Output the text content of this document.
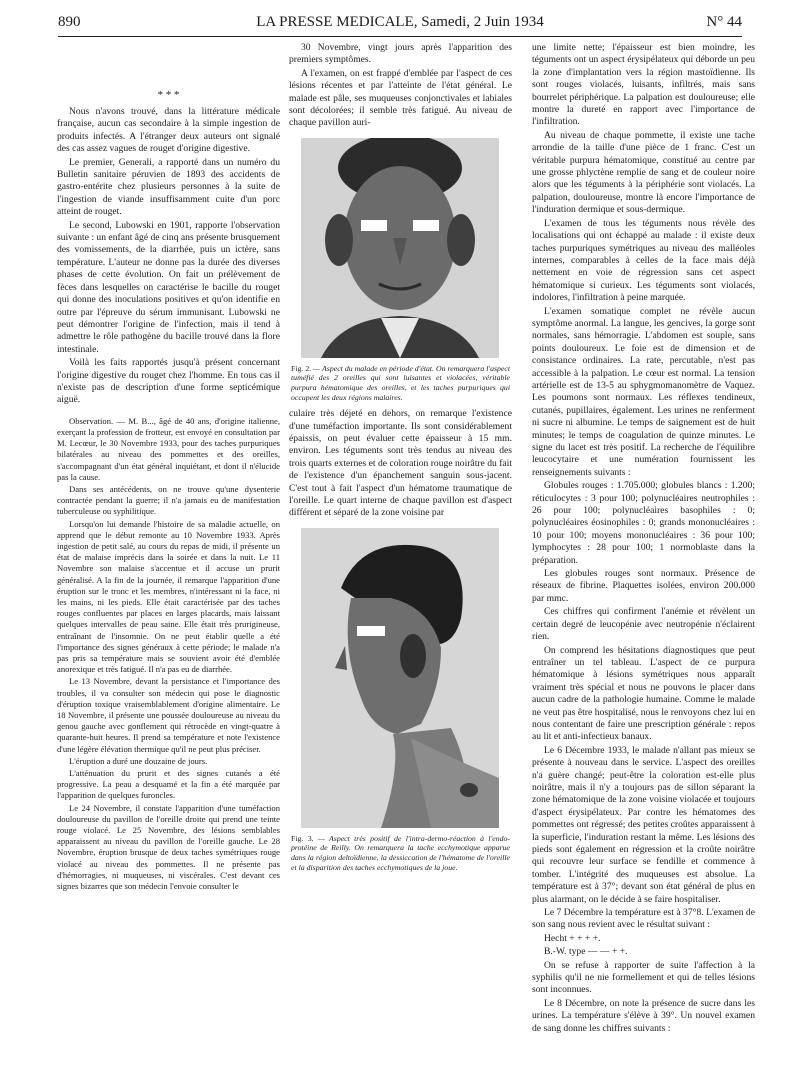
890	LA PRESSE MEDICALE, Samedi, 2 Juin 1934	N° 44
* * *

Nous n'avons trouvé, dans la littérature médicale française, aucun cas secondaire à la simple ingestion de produits infectés. A l'étranger deux auteurs ont signalé des cas assez vagues de rouget d'origine digestive.

Le premier, Generali, a rapporté dans un numéro du Bulletin sanitaire péruvien de 1893 des accidents de gastro-entérite chez plusieurs personnes à la suite de l'ingestion de viande insuffisamment cuite d'un porc atteint de rouget.

Le second, Lubowski en 1901, rapporte l'observation suivante : un enfant âgé de cinq ans présente brusquement des vomissements, de la diarrhée, puis un ictère, sans température. L'auteur ne donne pas la durée des diverses phases de cette évolution. On fait un prélèvement de fèces dans lesquelles on caractérise le bacille du rouget qui donne des inoculations positives et qu'on identifie en outre par l'épreuve du sérum immunisant. Lubowski ne peut démontrer l'origine de l'infection, mais il tend à admettre le rôle pathogène du bacille trouvé dans la flore intestinale.

Voilà les faits rapportés jusqu'à présent concernant l'origine digestive du rouget chez l'homme. En tous cas il n'existe pas de description d'une forme septicémique aiguë.

Observation. — M. B..., âgé de 40 ans, d'origine italienne, exerçant la profession de frotteur, est envoyé en consultation par M. Lecœur, le 30 Novembre 1933, pour des taches purpuriques bilatérales au niveau des pommettes et des oreilles, s'accompagnant d'un état général inquiétant, et dont il n'élucide pas la cause.

Dans ses antécédents, on ne trouve qu'une dysenterie contractée pendant la guerre; il n'a jamais eu de manifestation tuberculeuse ou syphilitique.

Lorsqu'on lui demande l'histoire de sa maladie actuelle, on apprend que le début remonte au 10 Novembre 1933. Après ingestion de petit salé, au cours du repas de midi, il présente un état de malaise imprécis dans la soirée et dans la nuit. Le 11 Novembre son malaise s'accentue et il accuse un prurit généralisé. A la fin de la journée, il remarque l'apparition d'une éruption sur le tronc et les membres, n'intéressant ni la face, ni les mains, ni les pieds. Elle était caractérisée par des taches rouges confluentes par places en larges placards, mais laissant quelques intervalles de peau saine. Elle était très prurigineuse, entraînant de l'insomnie. On ne peut établir quelle a été l'importance des signes généraux à cette période; le malade n'a pas pris sa température mais se souvient avoir été d'emblée anorexique et très fatigué. Il n'a pas eu de diarrhée.

Le 13 Novembre, devant la persistance et l'importance des troubles, il va consulter son médecin qui pose le diagnostic d'éruption toxique vraisemblablement d'origine alimentaire. Le 18 Novembre, il présente une poussée douloureuse au niveau du genou gauche avec gonflement qui rétrocède en vingt-quatre à quarante-huit heures. Il prend sa température et note l'existence d'une légère élévation thermique qu'il ne peut plus préciser.

L'éruption a duré une douzaine de jours.

L'atténuation du prurit et des signes cutanés a été progressive. La peau a desquamé et la fin a été marquée par l'apparition de quelques furoncles.

Le 24 Novembre, il constate l'apparition d'une tuméfaction douloureuse du pavillon de l'oreille droite qui prend une teinte rouge violacé. Le 25 Novembre, des lésions semblables apparaissent au niveau du pavillon de l'oreille gauche. Le 28 Novembre, éruption brusque de deux taches symétriques rouge violacé au niveau des pommettes. Il ne présente pas d'hémorragies, ni muqueuses, ni viscérales. C'est devant ces signes bizarres que son médecin l'envoie consulter le

30 Novembre, vingt jours après l'apparition des premiers symptômes.

A l'examen, on est frappé d'emblée par l'aspect de ces lésions récentes et par l'atteinte de l'état général. Le malade est pâle, ses muqueuses conjonctivales et labiales sont décolorées; il semble très fatigué. Au niveau de chaque pavillon auri-

Fig. 2. — Aspect du malade en période d'état. On remarquera l'aspect tuméfié des 2 oreilles qui sont luisantes et violacées, véritable purpura hématomique des oreilles, et les taches purpuriques qui occupent les deux régions malaires.

culaire très déjeté en dehors, on remarque l'existence d'une tuméfaction importante. Ils sont considérablement épaissis, on peut évaluer cette épaisseur à 15 mm. environ. Les téguments sont très tendus au niveau des trois quarts externes et de coloration rouge noirâtre du fait de l'existence d'un épanchement sanguin sous-jacent. C'est tout à fait l'aspect d'un hématome traumatique de l'oreille. Le quart interne de chaque pavillon est d'aspect différent et séparé de la zone voisine par

Fig. 3. — Aspect très positif de l'intra-dermo-réaction à l'endo-protéine de Reilly. On remarquera la tache ecchymotique apparue dans la région deltoïdienne, la dessiccation de l'hématome de l'oreille et la disparition des taches ecchymotiques de la joue.

une limite nette; l'épaisseur est bien moindre, les téguments ont un aspect érysipélateux qui déborde un peu la zone d'implantation vers la région mastoïdienne. Ils sont rouges violacés, luisants, infiltrés, mais sans bourrelet périphérique. La palpation est douloureuse; elle montre la dureté en rapport avec l'importance de l'infiltration.

Au niveau de chaque pommette, il existe une tache arrondie de la taille d'une pièce de 1 franc. C'est un véritable purpura hématomique, constitué au centre par une grosse phlyctène remplie de sang et de couleur noire alors que les téguments à la périphérie sont violacés. La palpation, douloureuse, montre là encore l'importance de l'induration dermique et sous-dermique.

L'examen de tous les téguments nous révèle des localisations qui ont échappé au malade : il existe deux taches purpuriques symétriques au niveau des malléoles internes, comparables à celles de la face mais déjà nettement en voie de régression sans cet aspect hématomique si curieux. Les téguments sont violacés, indolores, l'infiltration à peine marquée.

L'examen somatique complet ne révèle aucun symptôme anormal. La langue, les gencives, la gorge sont normales, sans hémorragie. L'abdomen est souple, sans points douloureux. Le foie est de dimension et de consistance ordinaires. La rate, percutable, n'est pas accessible à la palpation. Le cœur est normal. La tension artérielle est de 13-5 au sphygmomanomètre de Vaquez. Les poumons sont normaux. Les réflexes tendineux, cutanés, pupillaires, également. Les urines ne renferment ni sucre ni albumine. Le temps de saignement est de huit minutes; le temps de coagulation de quinze minutes. Le signe du lacet est très positif. La recherche de l'équilibre leucocytaire et une numération fournissent les renseignements suivants :

Globules rouges : 1.705.000; globules blancs : 1.200; réticulocytes : 3 pour 100; polynucléaires neutrophiles : 26 pour 100; polynucléaires basophiles : 0; polynucléaires éosinophiles : 0; grands mononucléaires : 10 pour 100; moyens mononucléaires : 36 pour 100; lymphocytes : 28 pour 100; 1 normoblaste dans la préparation.

Les globules rouges sont normaux. Présence de réseaux de fibrine. Plaquettes isolées, environ 200.000 par mmc.

Ces chiffres qui confirment l'anémie et révèlent un certain degré de leucopénie avec neutropénie n'éclairent rien.

On comprend les hésitations diagnostiques que peut entraîner un tel tableau. L'aspect de ce purpura hématomique à lésions symétriques nous apparaît vraiment très spécial et nous ne pouvons le placer dans aucun cadre de la pathologie humaine. Comme le malade ne veut pas être hospitalisé, nous le renvoyons chez lui en nous contentant de faire une prescription générale : repos au lit et anti-infectieux banaux.

Le 6 Décembre 1933, le malade n'allant pas mieux se présente à nouveau dans le service. L'aspect des oreilles n'a guère changé; peut-être la coloration est-elle plus noirâtre, mais il n'y a toujours pas de sillon séparant la zone hématomique de la zone voisine violacée et toujours d'aspect érysipélateux. Par contre les hématomes des pommettes ont régressé; des petites croûtes apparaissent à la superficie, l'induration restant la même. Les lésions des pieds sont également en régression et la croûte noirâtre qui recouvre leur surface se fendille et commence à tomber. L'intégrité des muqueuses est absolue. La température est à 37°; devant son état général de plus en plus alarmant, on le décide à se faire hospitaliser.

Le 7 Décembre la température est à 37°8. L'examen de son sang nous revient avec le résultat suivant :

Hecht + + + +.

B.-W. type — — + +.

On se refuse à rapporter de suite l'affection à la syphilis qu'il ne nie formellement et qui de telles lésions sont inconnues.

Le 8 Décembre, on note la présence de sucre dans les urines. La température s'élève à 39°. Un nouvel examen de sang donne les chiffres suivants :
